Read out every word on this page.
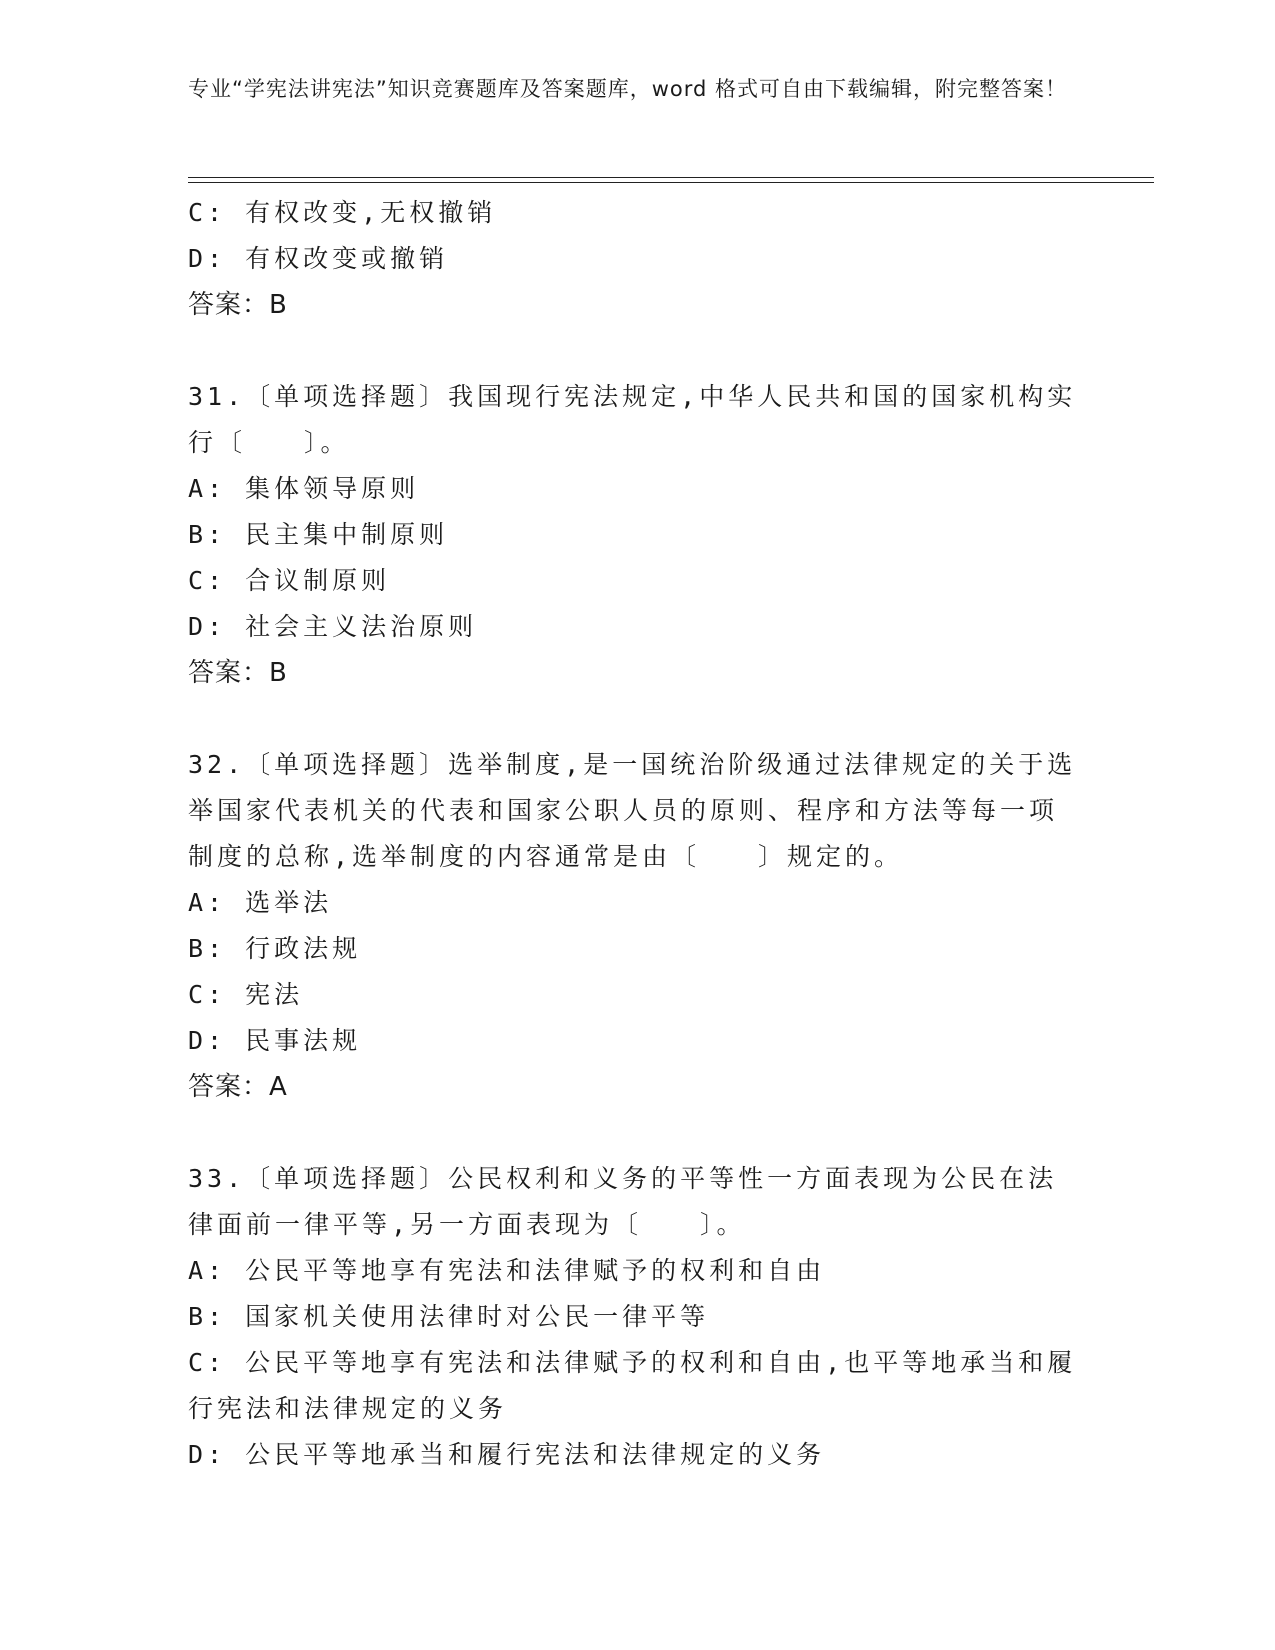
专业“学宪法讲宪法”知识竞赛题库及答案题库，word 格式可自由下载编辑，附完整答案！
C: 有权改变,无权撤销
D: 有权改变或撤销
答案：B
31.〔单项选择题〕我国现行宪法规定,中华人民共和国的国家机构实行〔　　〕。
A: 集体领导原则
B: 民主集中制原则
C: 合议制原则
D: 社会主义法治原则
答案：B
32.〔单项选择题〕选举制度,是一国统治阶级通过法律规定的关于选举国家代表机关的代表和国家公职人员的原则、程序和方法等每一项制度的总称,选举制度的内容通常是由〔　　〕规定的。
A: 选举法
B: 行政法规
C: 宪法
D: 民事法规
答案：A
33.〔单项选择题〕公民权利和义务的平等性一方面表现为公民在法律面前一律平等,另一方面表现为〔　　〕。
A: 公民平等地享有宪法和法律赋予的权利和自由
B: 国家机关使用法律时对公民一律平等
C: 公民平等地享有宪法和法律赋予的权利和自由,也平等地承当和履行宪法和法律规定的义务
D: 公民平等地承当和履行宪法和法律规定的义务
